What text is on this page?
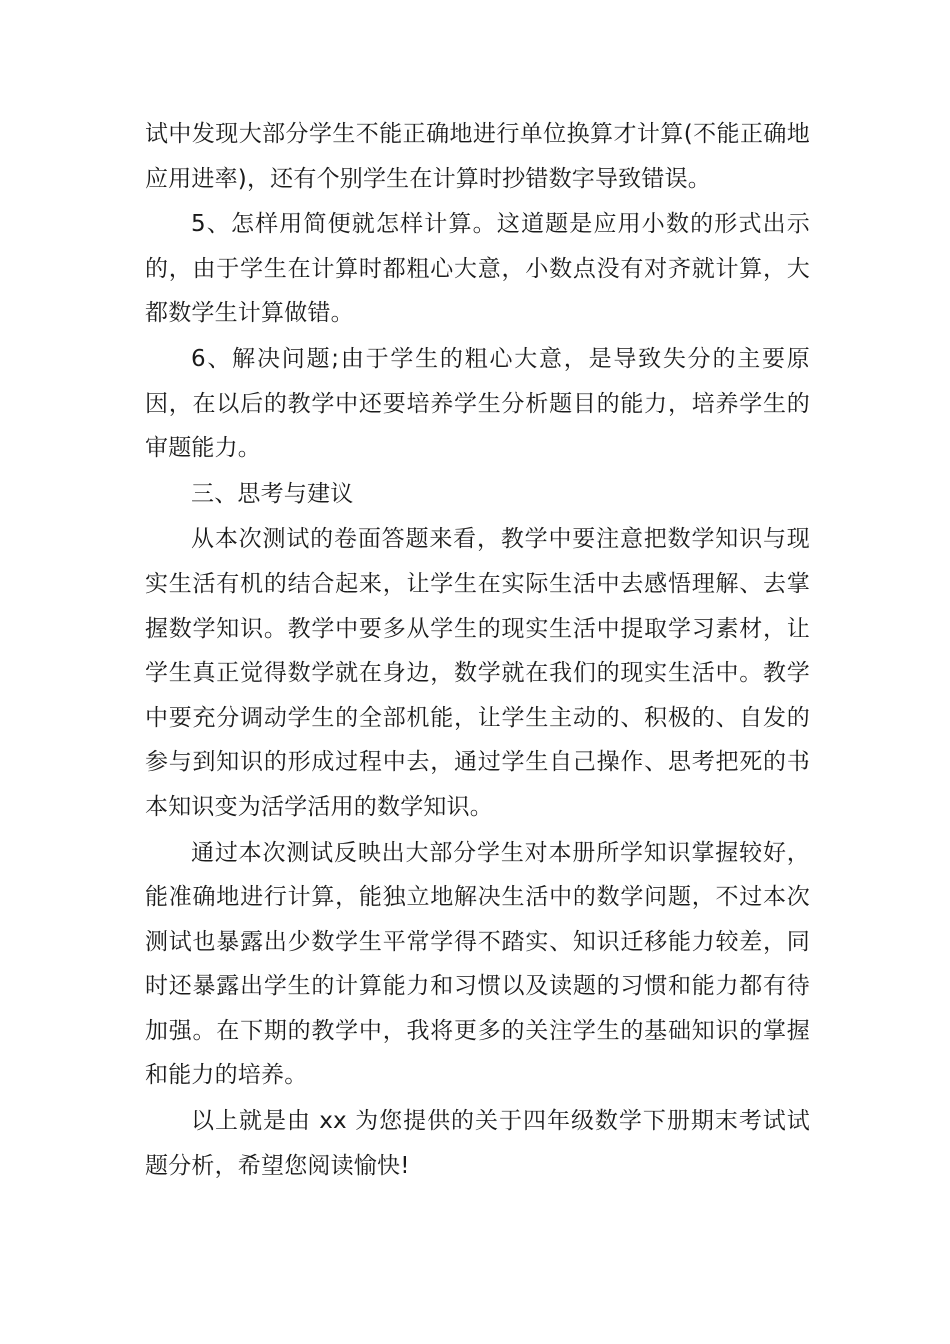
试中发现大部分学生不能正确地进行单位换算才计算(不能正确地应用进率)，还有个别学生在计算时抄错数字导致错误。

5、怎样用简便就怎样计算。这道题是应用小数的形式出示的，由于学生在计算时都粗心大意，小数点没有对齐就计算，大都数学生计算做错。

6、解决问题;由于学生的粗心大意，是导致失分的主要原因，在以后的教学中还要培养学生分析题目的能力，培养学生的审题能力。

三、思考与建议

从本次测试的卷面答题来看，教学中要注意把数学知识与现实生活有机的结合起来，让学生在实际生活中去感悟理解、去掌握数学知识。教学中要多从学生的现实生活中提取学习素材，让学生真正觉得数学就在身边，数学就在我们的现实生活中。教学中要充分调动学生的全部机能，让学生主动的、积极的、自发的参与到知识的形成过程中去，通过学生自己操作、思考把死的书本知识变为活学活用的数学知识。

通过本次测试反映出大部分学生对本册所学知识掌握较好，能准确地进行计算，能独立地解决生活中的数学问题，不过本次测试也暴露出少数学生平常学得不踏实、知识迁移能力较差，同时还暴露出学生的计算能力和习惯以及读题的习惯和能力都有待加强。在下期的教学中，我将更多的关注学生的基础知识的掌握和能力的培养。

以上就是由 xx 为您提供的关于四年级数学下册期末考试试题分析，希望您阅读愉快!
